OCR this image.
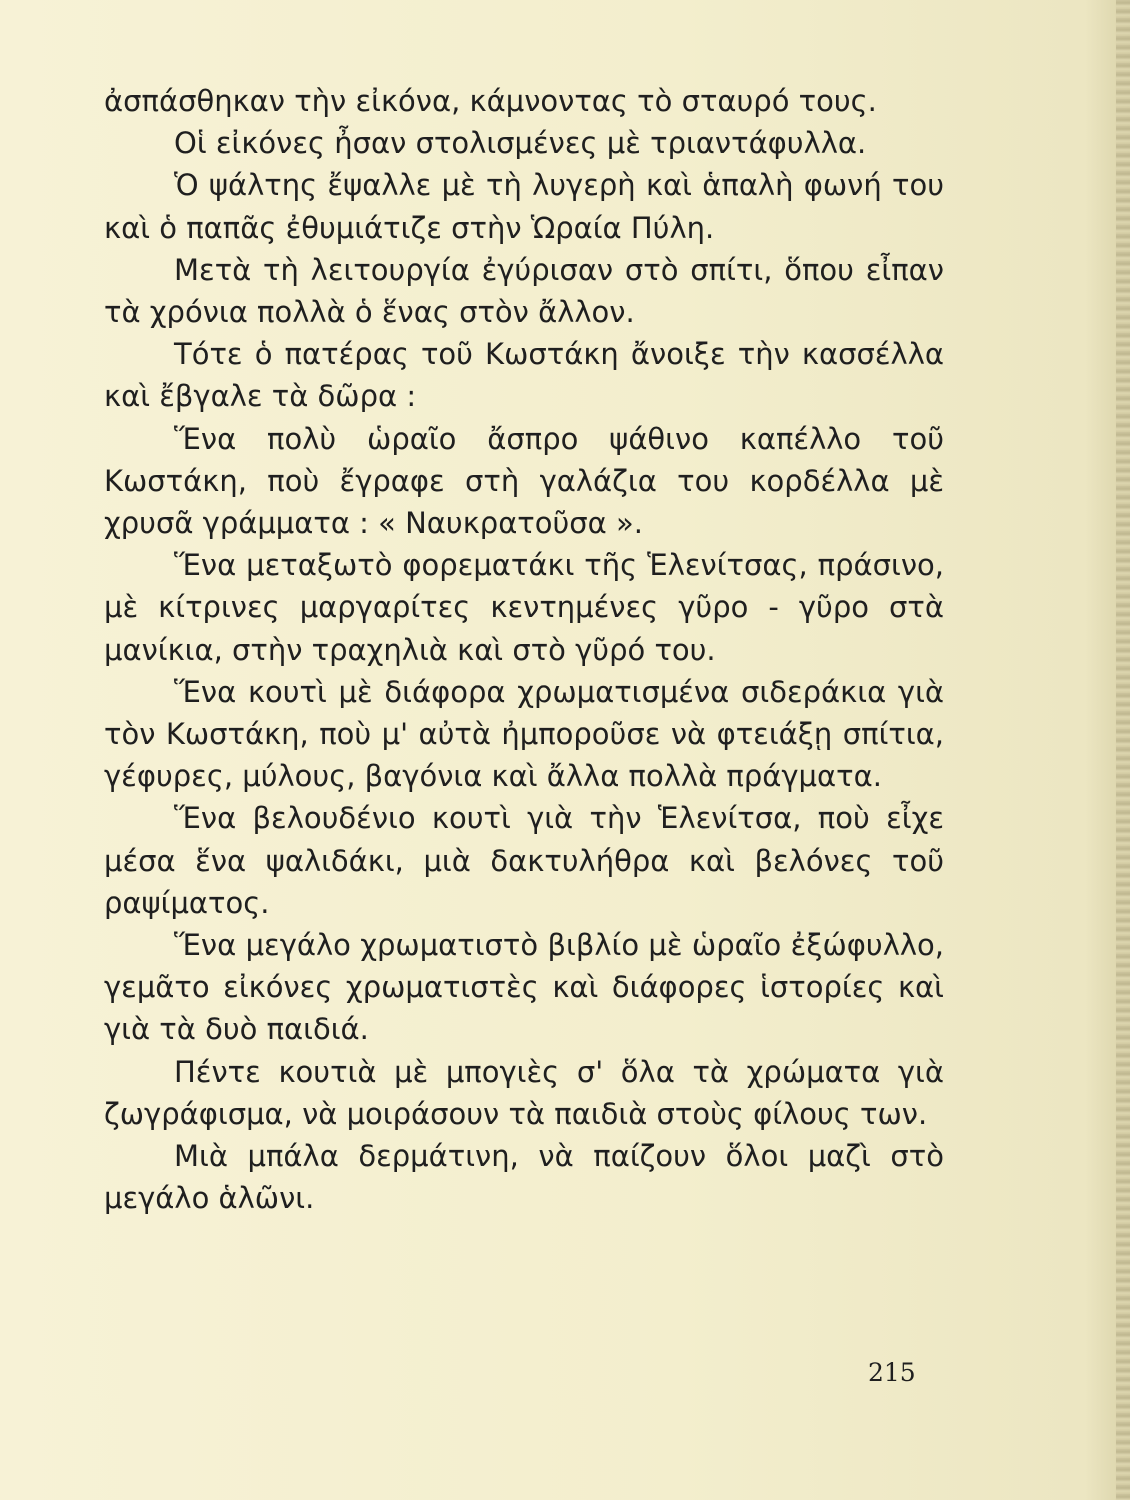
ἀσπάσθηκαν τὴν εἰκόνα, κάμνοντας τὸ σταυρό τους.

Οἱ εἰκόνες ἦσαν στολισμένες μὲ τριαντάφυλλα.

Ὁ ψάλτης ἔψαλλε μὲ τὴ λυγερὴ καὶ ἁπαλὴ φωνή του καὶ ὁ παπᾶς ἐθυμιάτιζε στὴν Ὡραία Πύλη.

Μετὰ τὴ λειτουργία ἐγύρισαν στὸ σπίτι, ὅπου εἶπαν τὰ χρόνια πολλὰ ὁ ἕνας στὸν ἄλλον.

Τότε ὁ πατέρας τοῦ Κωστάκη ἄνοιξε τὴν κασσέλλα καὶ ἔβγαλε τὰ δῶρα :

Ἕνα πολὺ ὡραῖο ἄσπρο ψάθινο καπέλλο τοῦ Κωστάκη, ποὺ ἔγραφε στὴ γαλάζια του κορδέλλα μὲ χρυσᾶ γράμματα : « Ναυκρατοῦσα ».

Ἕνα μεταξωτὸ φορεματάκι τῆς Ἑλενίτσας, πράσινο, μὲ κίτρινες μαργαρίτες κεντημένες γῦρο - γῦρο στὰ μανίκια, στὴν τραχηλιὰ καὶ στὸ γῦρό του.

Ἕνα κουτὶ μὲ διάφορα χρωματισμένα σιδεράκια γιὰ τὸν Κωστάκη, ποὺ μ' αὐτὰ ἠμποροῦσε νὰ φτειάξῃ σπίτια, γέφυρες, μύλους, βαγόνια καὶ ἄλλα πολλὰ πράγματα.

Ἕνα βελουδένιο κουτὶ γιὰ τὴν Ἑλενίτσα, ποὺ εἶχε μέσα ἕνα ψαλιδάκι, μιὰ δακτυλήθρα καὶ βελόνες τοῦ ραψίματος.

Ἕνα μεγάλο χρωματιστὸ βιβλίο μὲ ὡραῖο ἐξώφυλλο, γεμᾶτο εἰκόνες χρωματιστὲς καὶ διάφορες ἱστορίες καὶ γιὰ τὰ δυὸ παιδιά.

Πέντε κουτιὰ μὲ μπογιὲς σ' ὅλα τὰ χρώματα γιὰ ζωγράφισμα, νὰ μοιράσουν τὰ παιδιὰ στοὺς φίλους των.

Μιὰ μπάλα δερμάτινη, νὰ παίζουν ὅλοι μαζὶ στὸ μεγάλο ἁλῶνι.

215
